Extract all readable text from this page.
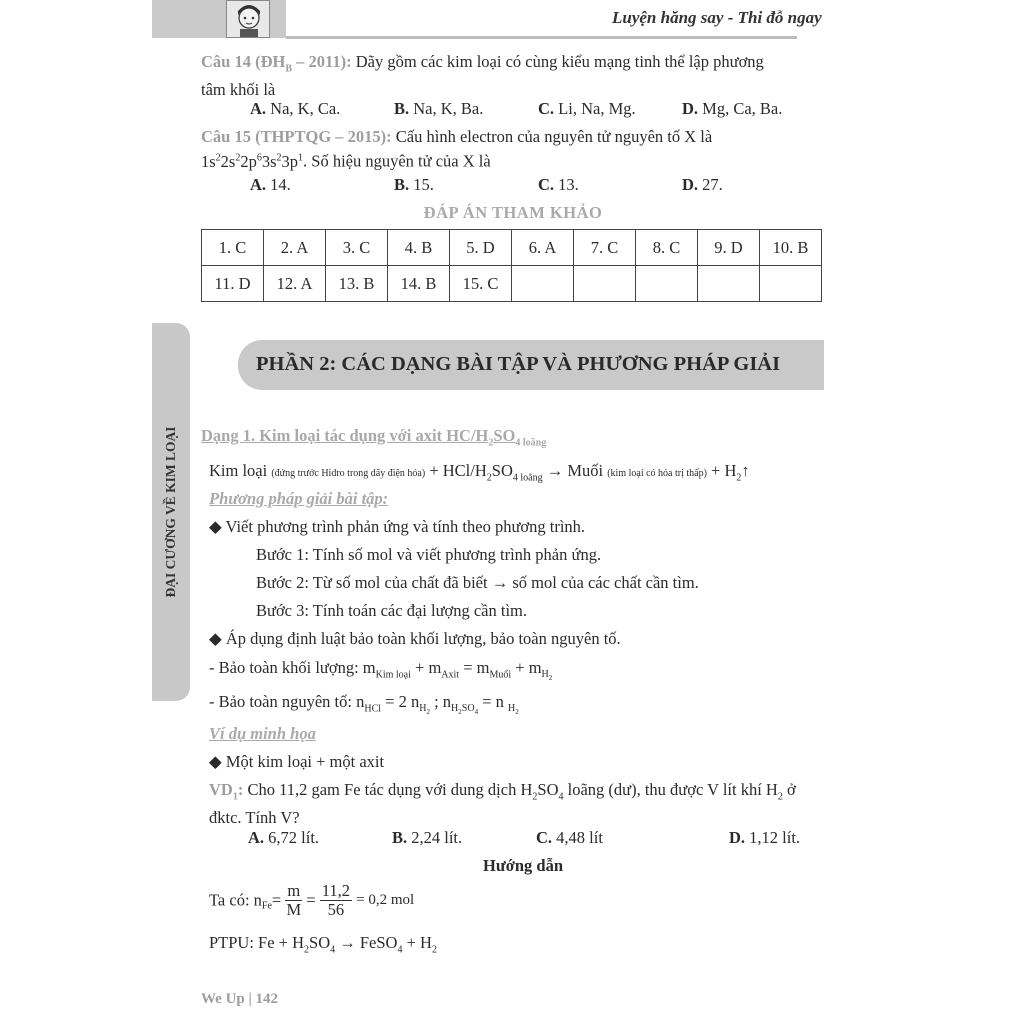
Luyện hăng say - Thi đỗ ngay
Câu 14 $(ĐH_B - 2011)$: Dãy gồm các kim loại có cùng kiểu mạng tinh thể lập phương
tâm khối là
A. Na, K, Ca.	B. Na, K, Ba.	C. Li, Na, Mg.	D. Mg, Ca, Ba.
Câu 15 (THPTQG – 2015): Cấu hình electron của nguyên tử nguyên tố X là
$1s^22s^22p^63s^23p^1$. Số hiệu nguyên tử của X là
A. 14.	B. 15.	C. 13.	D. 27.
ĐÁP ÁN THAM KHẢO
1. C	2. A	3. C	4. B	5. D	6. A	7. C	8. C	9. D	10. B
11. D	12. A	13. B	14. B	15. C					
ĐẠI CƯƠNG VỀ KIM LOẠI
PHẦN 2: CÁC DẠNG BÀI TẬP VÀ PHƯƠNG PHÁP GIẢI
Dạng 1. Kim loại tác dụng với axit $HC/H_2SO_{4 loãng}$
Kim loại (đứng trước Hidro trong dãy điện hóa) + HCl/$H_2SO_{4 loãng}$ → Muối (kim loại có hóa trị thấp) + $H_2↑$
Phương pháp giải bài tập:
◆ Viết phương trình phản ứng và tính theo phương trình.
Bước 1: Tính số mol và viết phương trình phản ứng.
Bước 2: Từ số mol của chất đã biết → số mol của các chất cần tìm.
Bước 3: Tính toán các đại lượng cần tìm.
◆ Áp dụng định luật bảo toàn khối lượng, bảo toàn nguyên tố.
- Bảo toàn khối lượng: $m_{Kim loại} + m_{Axit} = m_{Muối} + m_{H_2}$
- Bảo toàn nguyên tố: $n_{HCl} = 2$ $n_{H_2}$ ; $n_{H_2SO_4} = n$ $_{H_2}$
Ví dụ minh họa
◆ Một kim loại + một axit
$VD_1$: Cho 11,2 gam Fe tác dụng với dung dịch $H_2SO_4$ loãng (dư), thu được V lít khí $H_2$ ở
đktc. Tính V?
A. 6,72 lít.	B. 2,24 lít.	C. 4,48 lít	D. 1,12 lít.
Hướng dẫn
Ta có: $n_{Fe}= \frac{m}{M} = \frac{11,2}{56} = 0,2$ mol
PTPU: $Fe + H_2SO_4$ → FeSO$_4$ + $H_2$
We Up | 142
